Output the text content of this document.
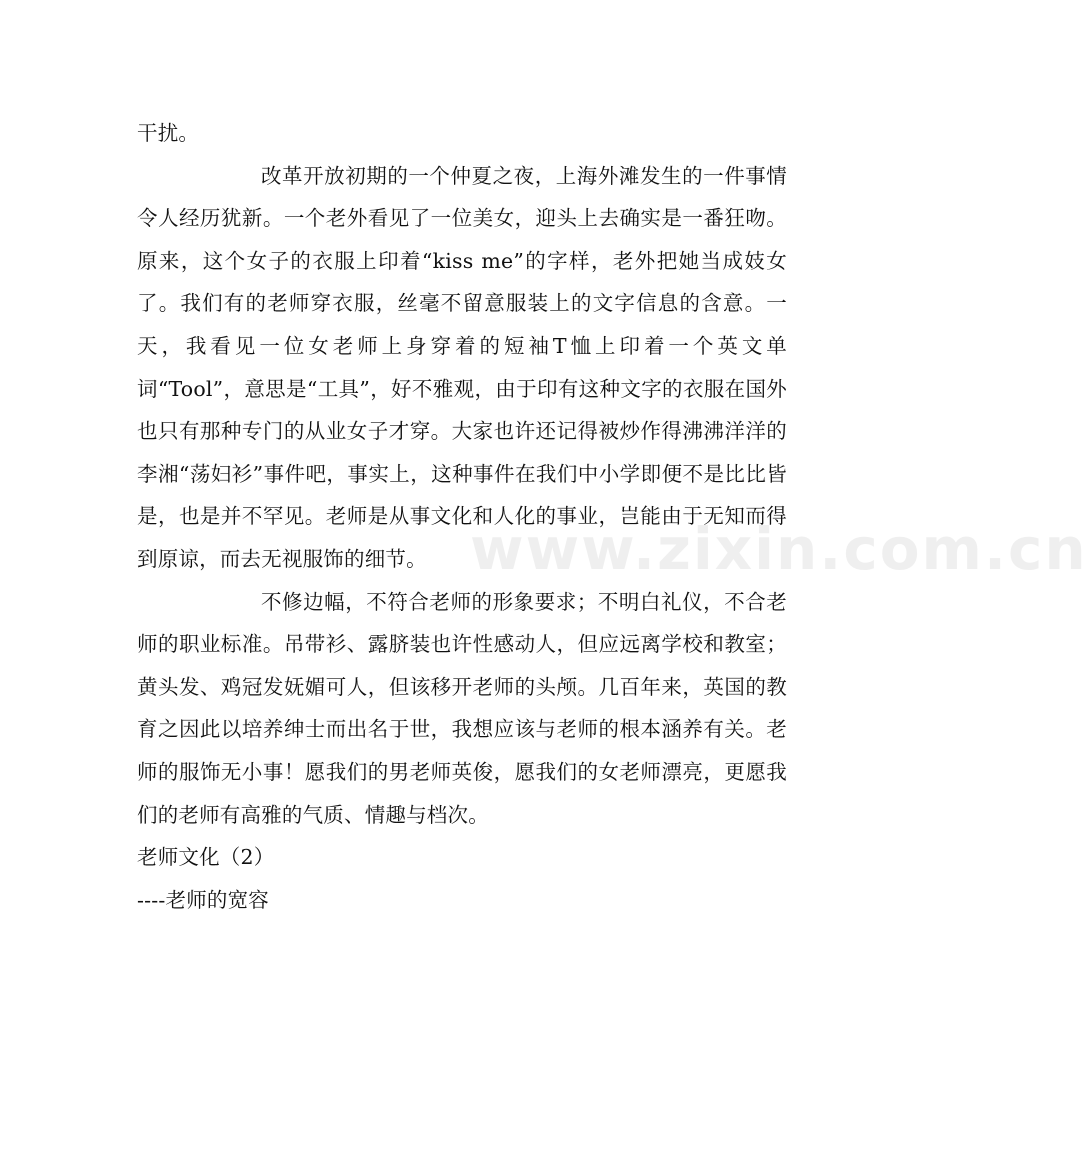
干扰。

改革开放初期的一个仲夏之夜，上海外滩发生的一件事情令人经历犹新。一个老外看见了一位美女，迎头上去确实是一番狂吻。原来，这个女子的衣服上印着“kiss me”的字样，老外把她当成妓女了。我们有的老师穿衣服，丝毫不留意服装上的文字信息的含意。一天，我看见一位女老师上身穿着的短袖T恤上印着一个英文单词“Tool”，意思是“工具”，好不雅观，由于印有这种文字的衣服在国外也只有那种专门的从业女子才穿。大家也许还记得被炒作得沸沸洋洋的李湘“荡妇衫”事件吧，事实上，这种事件在我们中小学即便不是比比皆是，也是并不罕见。老师是从事文化和人化的事业，岂能由于无知而得到原谅，而去无视服饰的细节。

不修边幅，不符合老师的形象要求；不明白礼仪，不合老师的职业标准。吊带衫、露脐装也许性感动人，但应远离学校和教室；黄头发、鸡冠发妩媚可人，但该移开老师的头颅。几百年来，英国的教育之因此以培养绅士而出名于世，我想应该与老师的根本涵养有关。老师的服饰无小事！愿我们的男老师英俊，愿我们的女老师漂亮，更愿我们的老师有高雅的气质、情趣与档次。

老师文化（2）

----老师的宽容

www.zixin.com.cn
